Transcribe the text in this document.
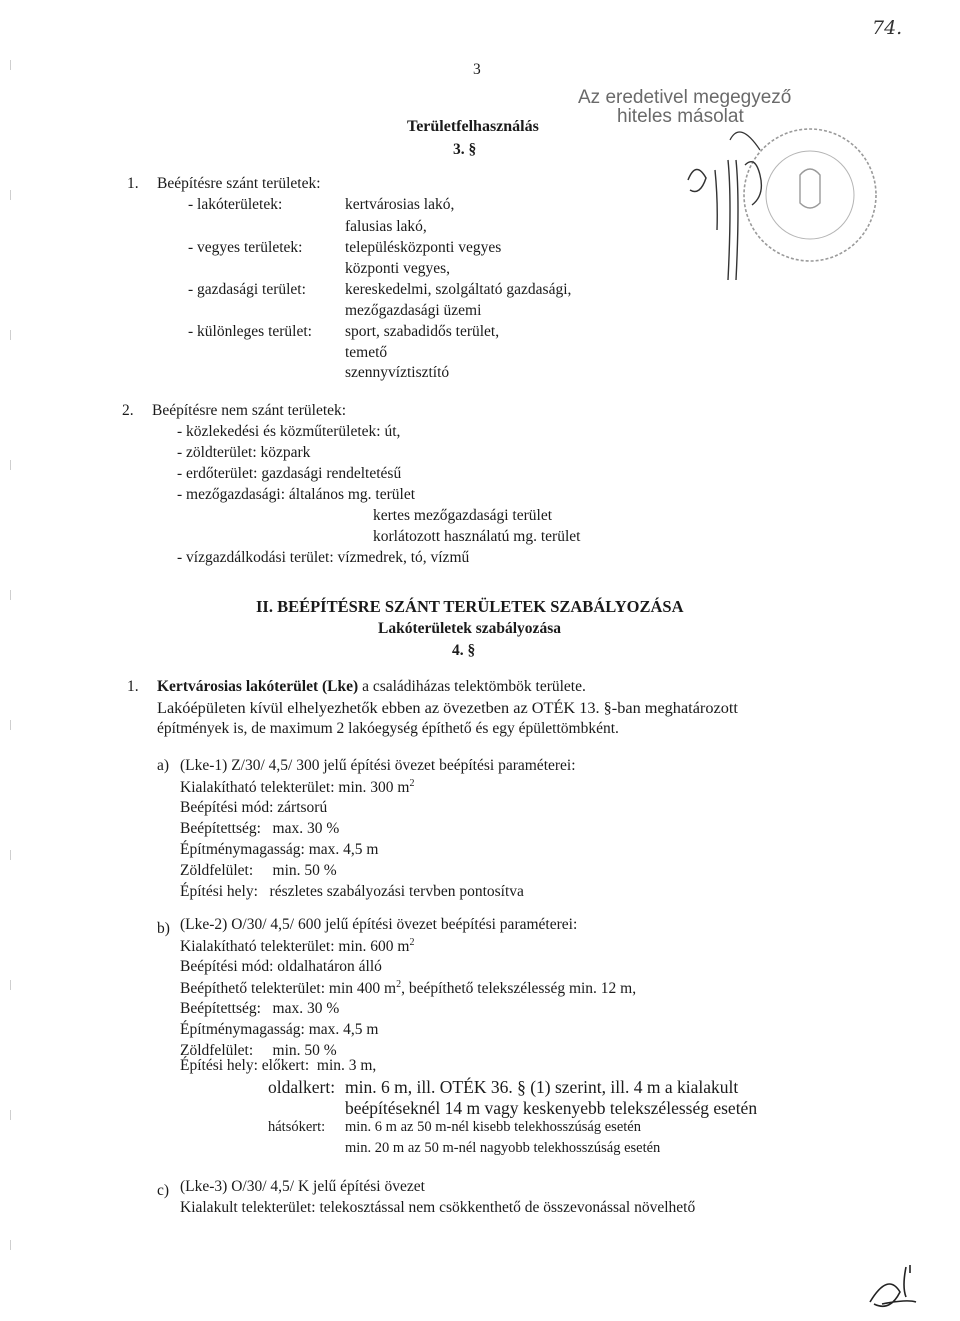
74.
3
Az eredetivel megegyező
hiteles másolat
Területfelhasználás
3. §
1. Beépítésre szánt területek:
- lakóterületek:	kertvárosias lakó,
falusias lakó,
- vegyes területek:	településközponti vegyes
központi vegyes,
- gazdasági terület:	kereskedelmi, szolgáltató gazdasági,
mezőgazdasági üzemi
- különleges terület: sport, szabadidős terület,
temető
szennyvíztisztító
2. Beépítésre nem szánt területek:
- közlekedési és közműterületek: út,
- zöldterület: közpark
- erdőterület: gazdasági rendeltetésű
- mezőgazdasági: általános mg. terület
kertes mezőgazdasági terület
korlátozott használatú mg. terület
- vízgazdálkodási terület: vízmedrek, tó, vízmű
II. BEÉPÍTÉSRE SZÁNT TERÜLETEK SZABÁLYOZÁSA
Lakóterületek szabályozása
4. §
1. Kertvárosias lakóterület (Lke) a családiházas telektömbök területe.
Lakóépületen kívül elhelyezhetők ebben az övezetben az OTÉK 13. §-ban meghatározott
építmények is, de maximum 2 lakóegység építhető és egy épülettömbként.
a) (Lke-1) Z/30/ 4,5/ 300 jelű építési övezet beépítési paraméterei:
Kialakítható telekterület: min. 300 $m^2$
Beépítési mód: zártsorú
Beépítettség:   max. 30 %
Építménymagasság: max. 4,5 m
Zöldfelület:     min. 50 %
Építési hely:   részletes szabályozási tervben pontosítva
b) (Lke-2) O/30/ 4,5/ 600 jelű építési övezet beépítési paraméterei:
Kialakítható telekterület: min. 600 $m^2$
Beépítési mód: oldalhatáron álló
Beépíthető telekterület: min 400 $m^2$, beépíthető telekszélesség min. 12 m,
Beépítettség:   max. 30 %
Építménymagasság: max. 4,5 m
Zöldfelület:     min. 50 %
Építési hely: előkert:  min. 3 m,
oldalkert: min. 6 m, ill. OTÉK 36. § (1) szerint, ill. 4 m a kialakult
beépítéseknél 14 m vagy keskenyebb telekszélesség esetén
hátsókert: min. 6 m az 50 m-nél kisebb telekhosszúság esetén
min. 20 m az 50 m-nél nagyobb telekhosszúság esetén
c) (Lke-3) O/30/ 4,5/ K jelű építési övezet
Kialakult telekterület: telekosztással nem csökkenthető de összevonással növelhető
